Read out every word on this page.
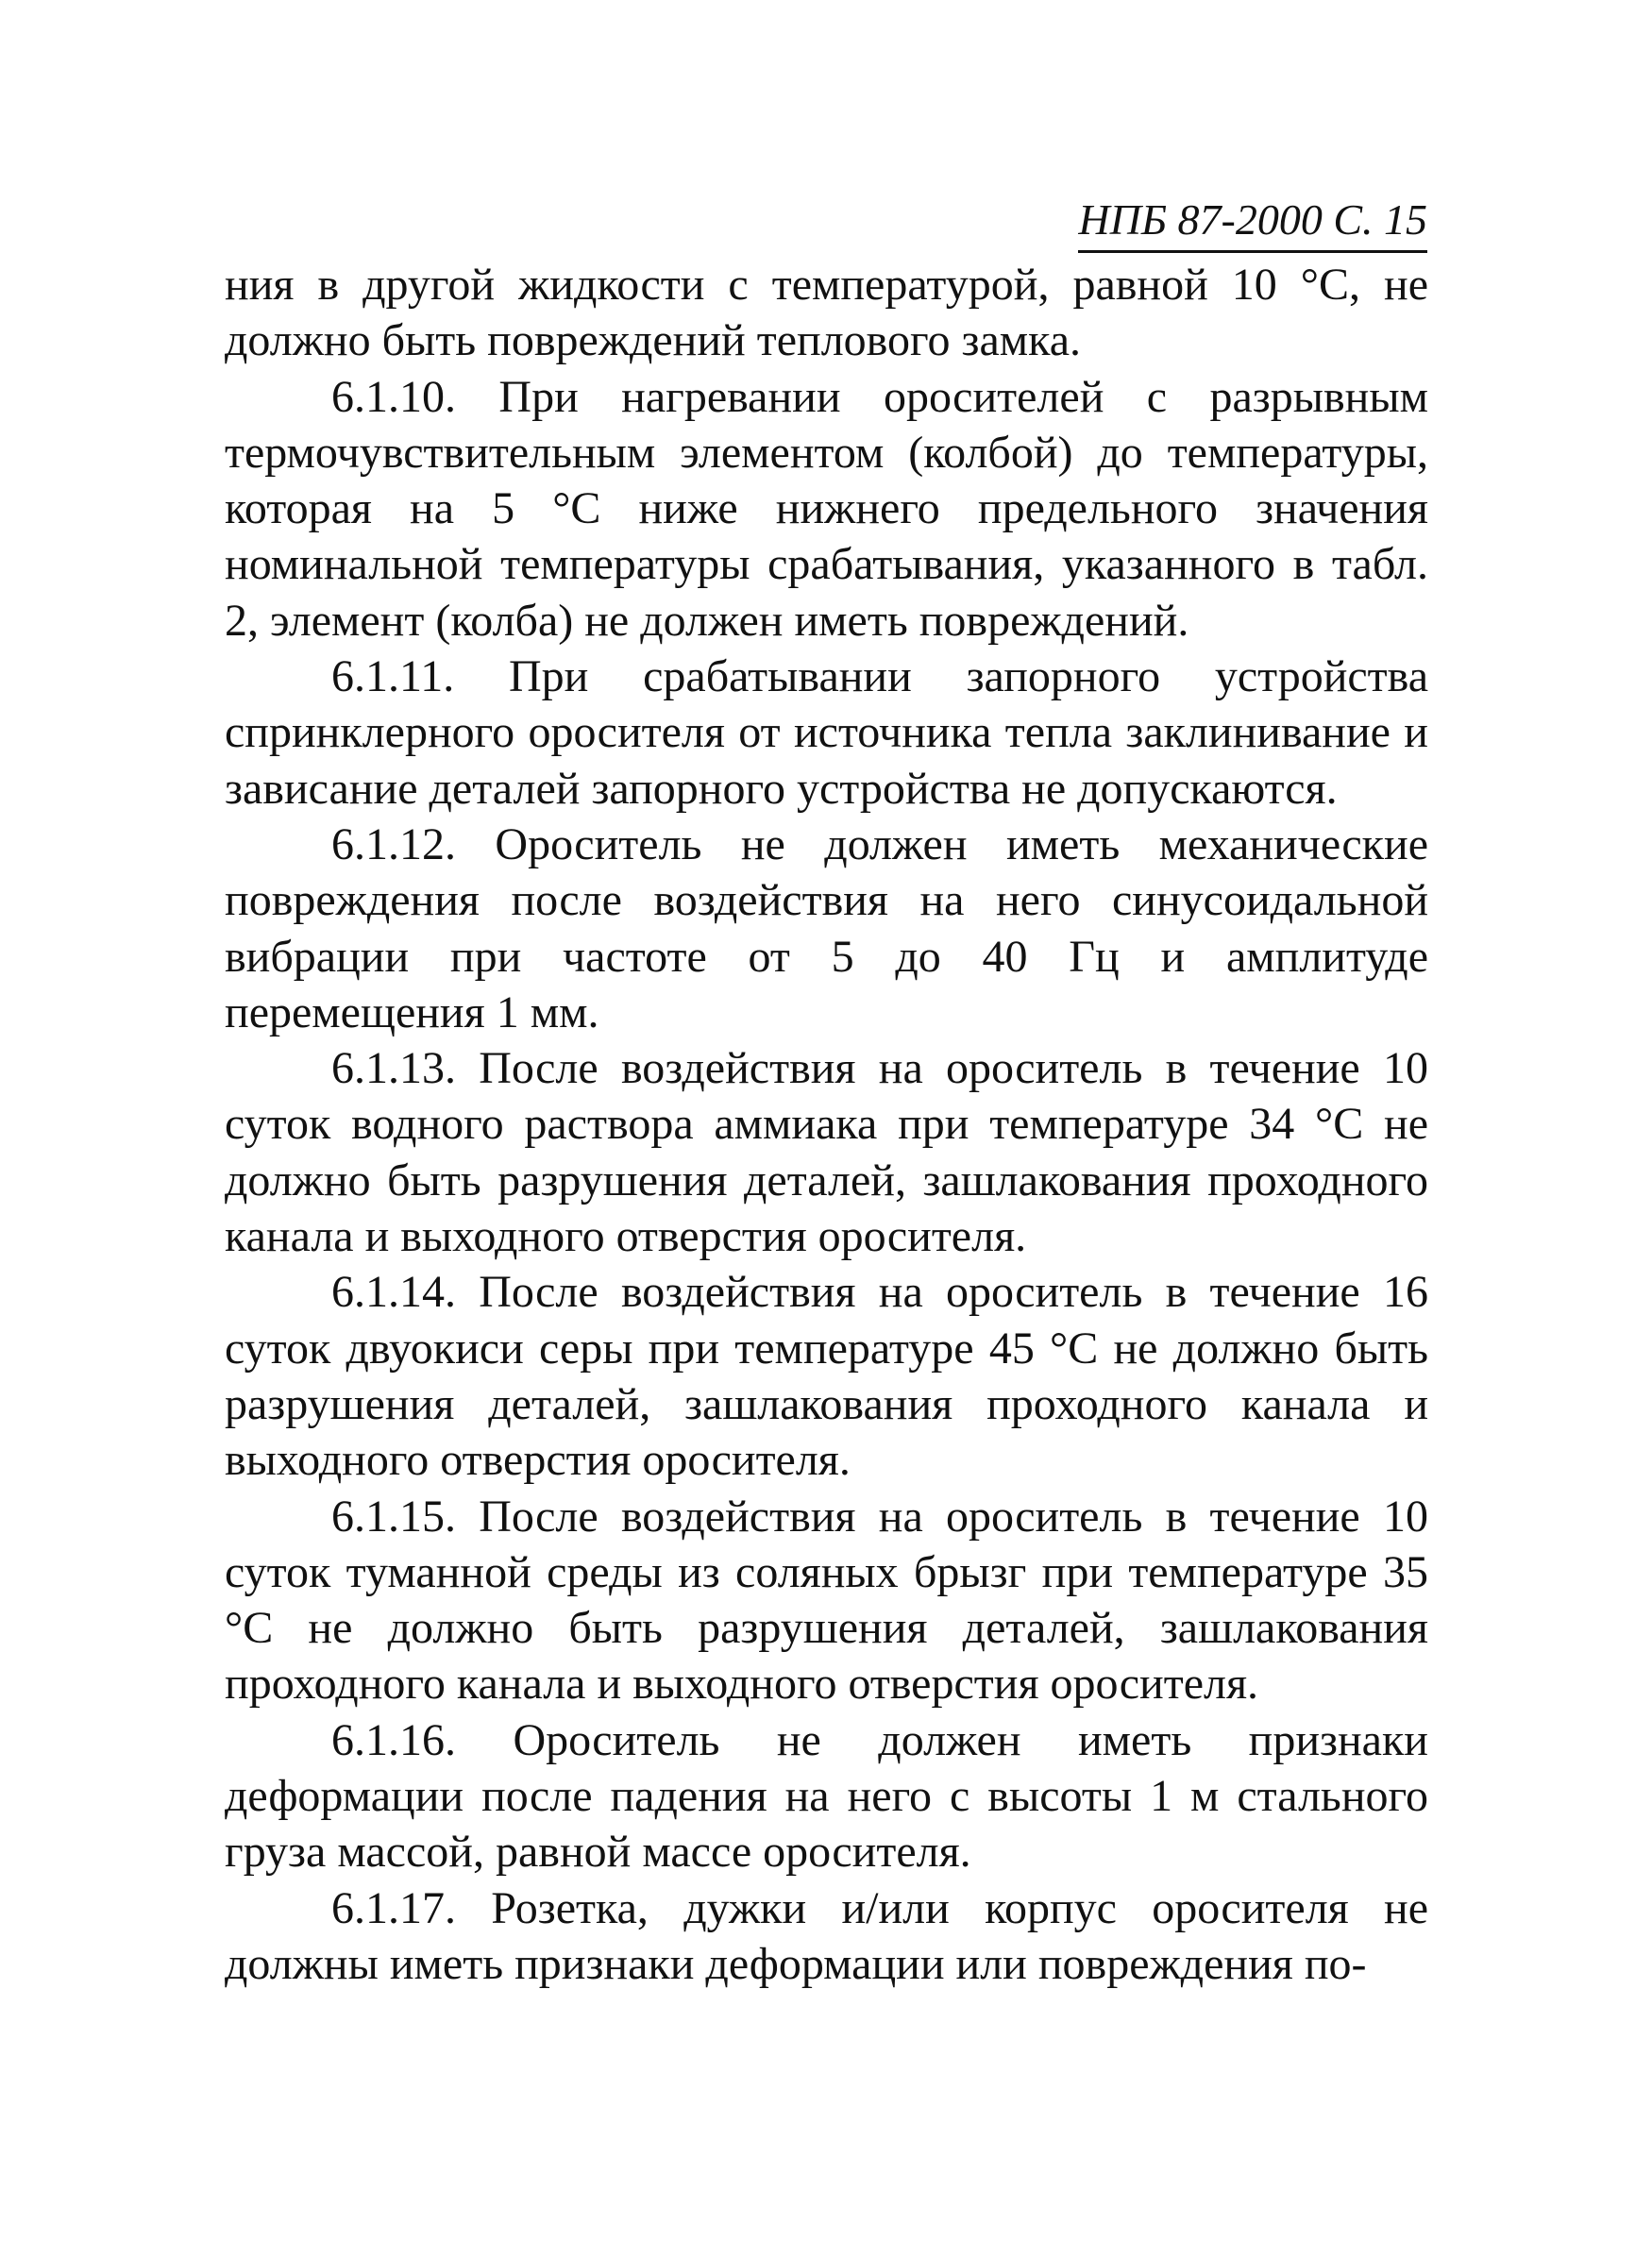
НПБ 87-2000 С. 15

ния в другой жидкости с температурой, равной 10 °С, не должно быть повреждений теплового замка.

6.1.10. При нагревании оросителей с разрывным термочувствительным элементом (колбой) до температуры, которая на 5 °С ниже нижнего предельного значения номинальной температуры срабатывания, указанного в табл. 2, элемент (колба) не должен иметь повреждений.

6.1.11. При срабатывании запорного устройства спринклерного оросителя от источника тепла заклинивание и зависание деталей запорного устройства не допускаются.

6.1.12. Ороситель не должен иметь механические повреждения после воздействия на него синусоидальной вибрации при частоте от 5 до 40 Гц и амплитуде перемещения 1 мм.

6.1.13. После воздействия на ороситель в течение 10 суток водного раствора аммиака при температуре 34 °С не должно быть разрушения деталей, зашлакования проходного канала и выходного отверстия оросителя.

6.1.14. После воздействия на ороситель в течение 16 суток двуокиси серы при температуре 45 °С не должно быть разрушения деталей, зашлакования проходного канала и выходного отверстия оросителя.

6.1.15. После воздействия на ороситель в течение 10 суток туманной среды из соляных брызг при температуре 35 °С не должно быть разрушения деталей, зашлакования проходного канала и выходного отверстия оросителя.

6.1.16. Ороситель не должен иметь признаки деформации после падения на него с высоты 1 м стального груза массой, равной массе оросителя.

6.1.17. Розетка, дужки и/или корпус оросителя не должны иметь признаки деформации или повреждения по-
